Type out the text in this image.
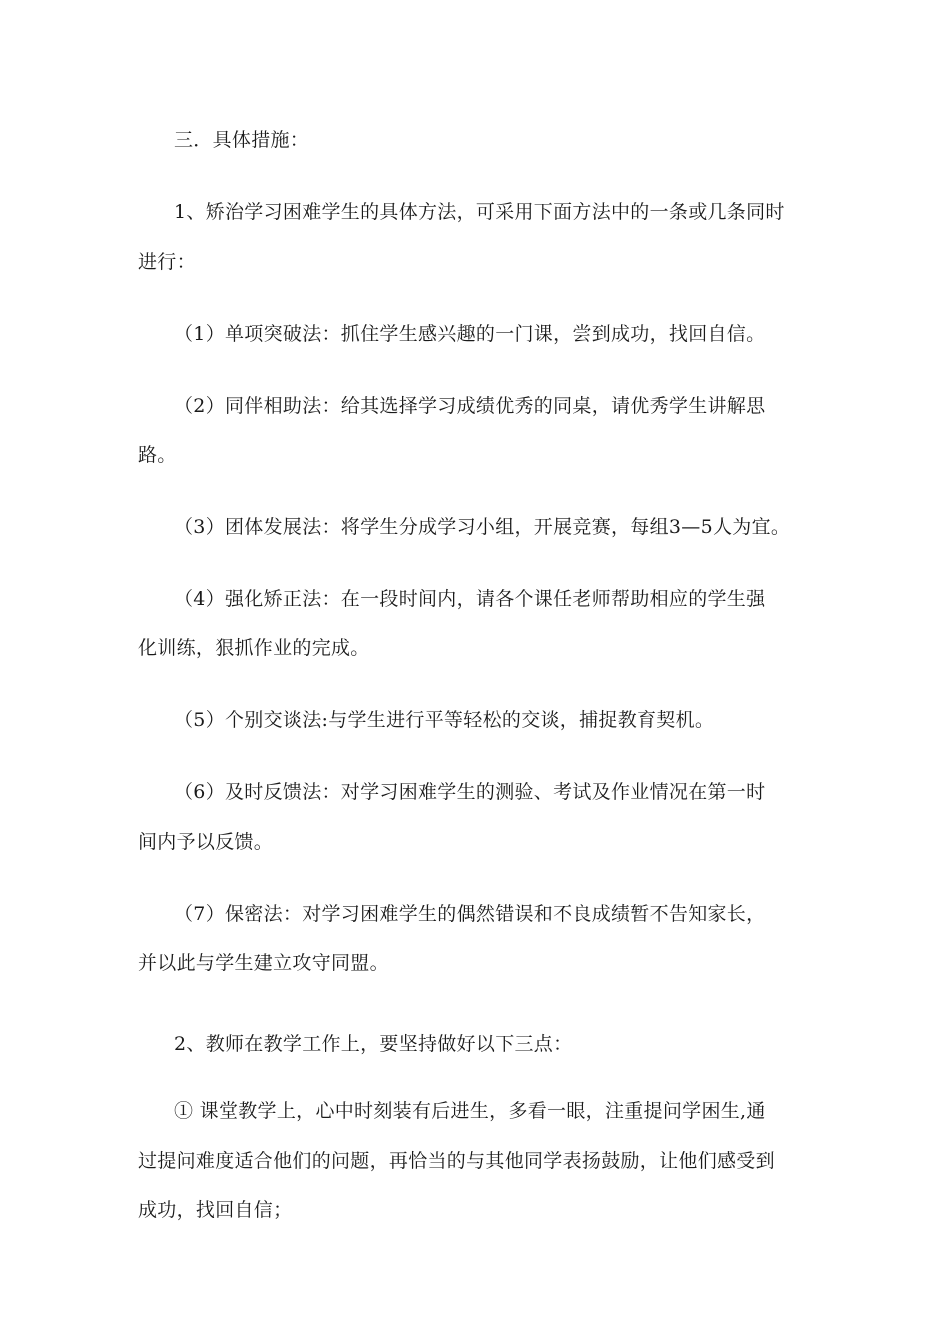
三．具体措施：
1、矫治学习困难学生的具体方法，可采用下面方法中的一条或几条同时
进行：
（1）单项突破法：抓住学生感兴趣的一门课，尝到成功，找回自信。
（2）同伴相助法：给其选择学习成绩优秀的同桌，请优秀学生讲解思
路。
（3）团体发展法：将学生分成学习小组，开展竞赛，每组3—5人为宜。
（4）强化矫正法：在一段时间内，请各个课任老师帮助相应的学生强
化训练，狠抓作业的完成。
（5）个别交谈法:与学生进行平等轻松的交谈，捕捉教育契机。
（6）及时反馈法：对学习困难学生的测验、考试及作业情况在第一时
间内予以反馈。
（7）保密法：对学习困难学生的偶然错误和不良成绩暂不告知家长，
并以此与学生建立攻守同盟。
2、教师在教学工作上，要坚持做好以下三点：
① 课堂教学上，心中时刻装有后进生，多看一眼，注重提问学困生,通
过提问难度适合他们的问题，再恰当的与其他同学表扬鼓励，让他们感受到
成功，找回自信；
